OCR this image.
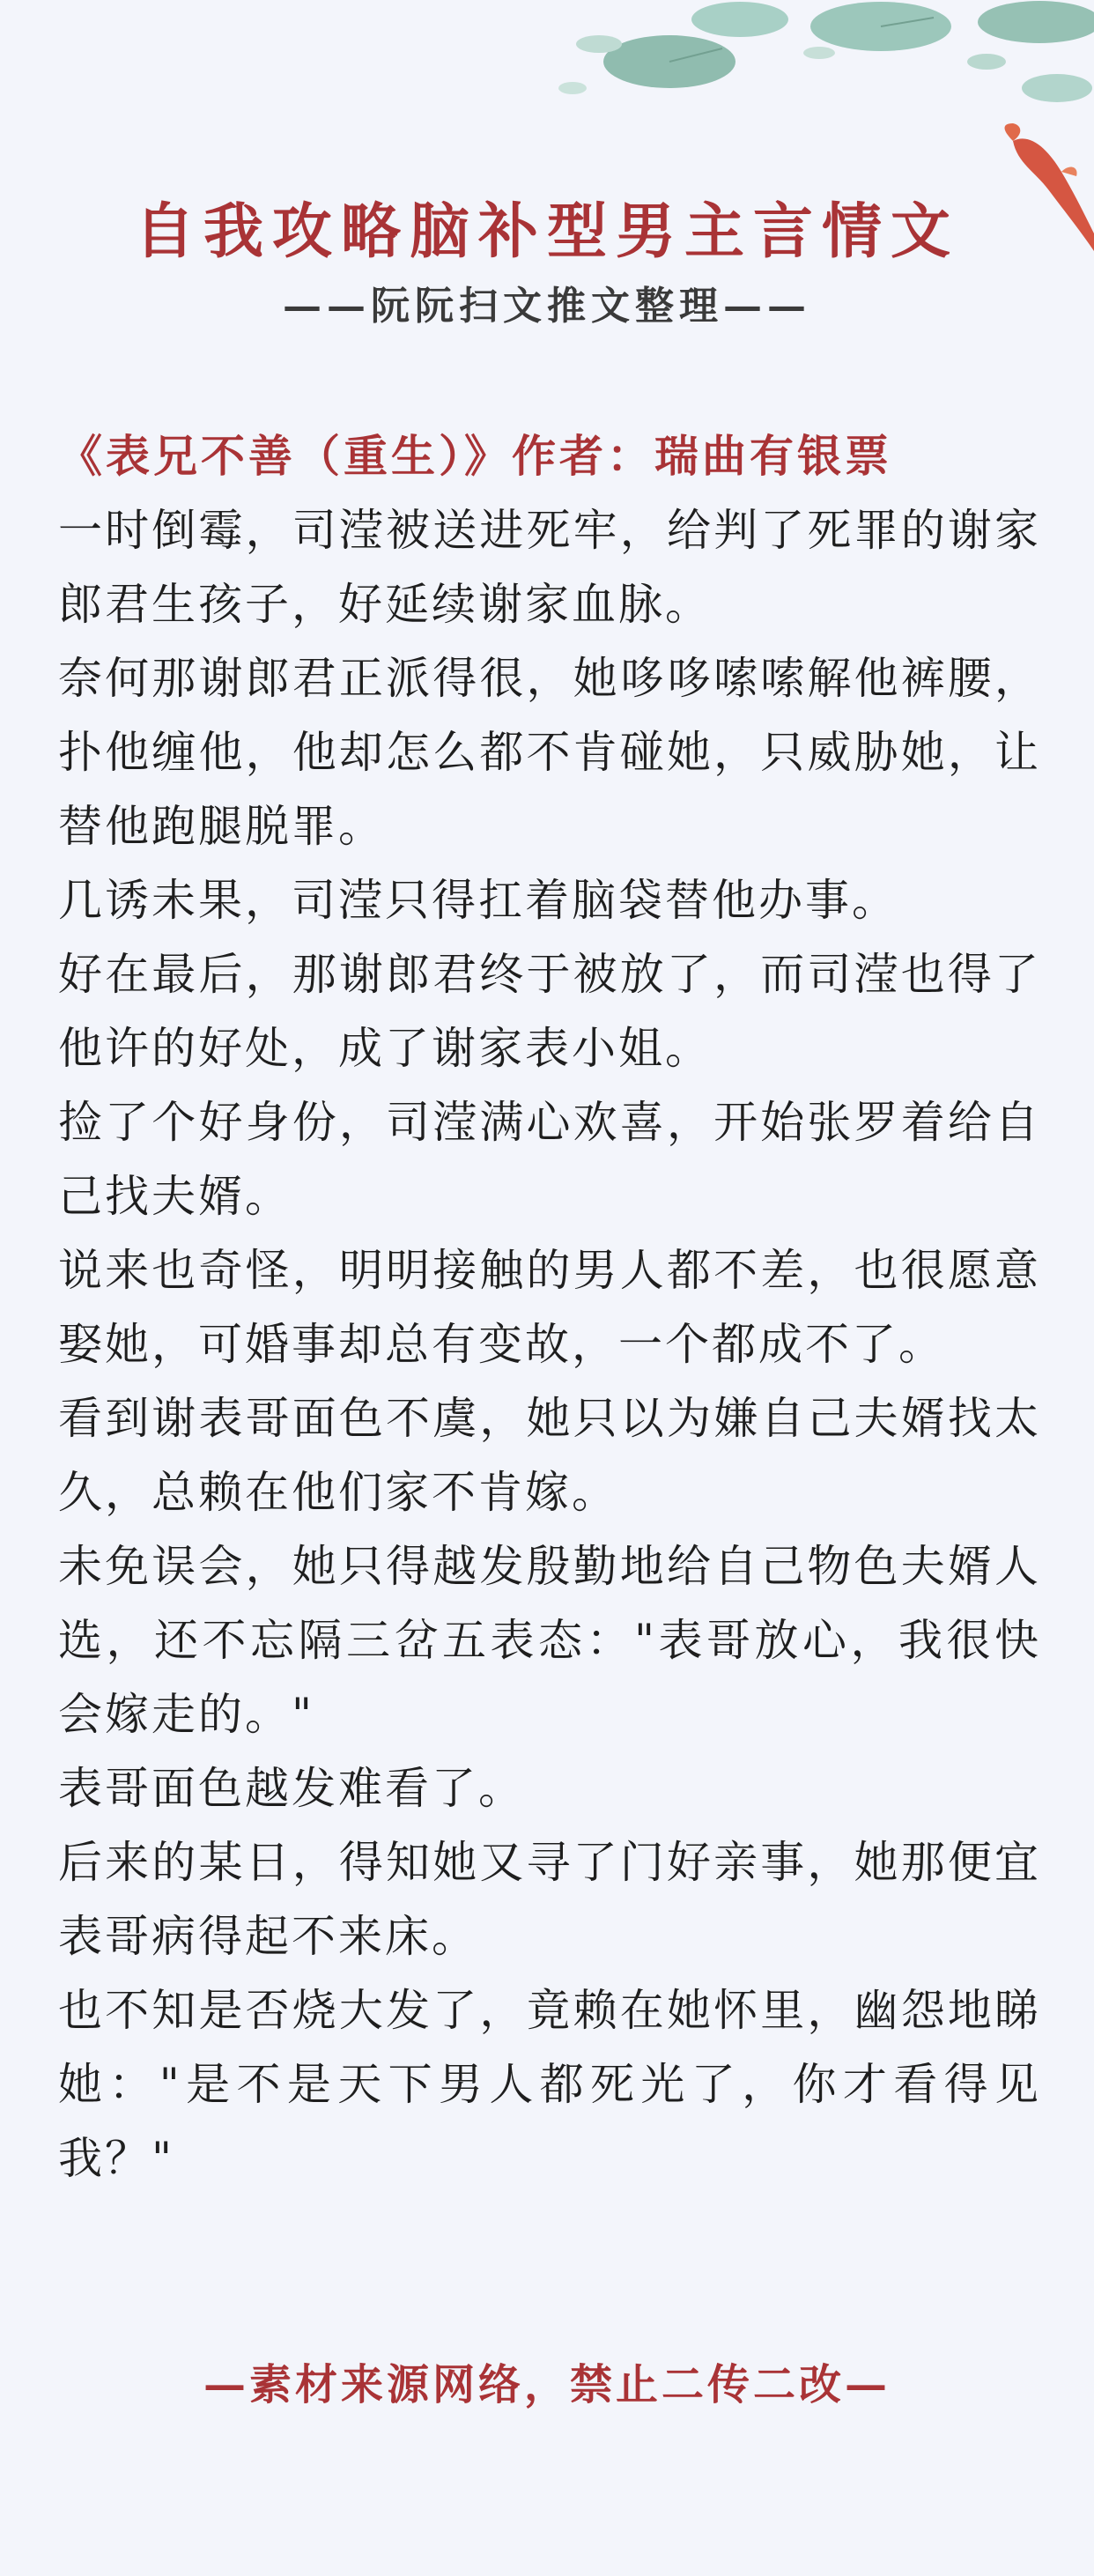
自我攻略脑补型男主言情文
——阮阮扫文推文整理——

《表兄不善（重生）》作者：瑞曲有银票

一时倒霉，司滢被送进死牢，给判了死罪的谢家郎君生孩子，好延续谢家血脉。

奈何那谢郎君正派得很，她哆哆嗦嗦解他裤腰，扑他缠他，他却怎么都不肯碰她，只威胁她，让替他跑腿脱罪。

几诱未果，司滢只得扛着脑袋替他办事。

好在最后，那谢郎君终于被放了，而司滢也得了他许的好处，成了谢家表小姐。

捡了个好身份，司滢满心欢喜，开始张罗着给自己找夫婿。

说来也奇怪，明明接触的男人都不差，也很愿意娶她，可婚事却总有变故，一个都成不了。

看到谢表哥面色不虞，她只以为嫌自己夫婿找太久，总赖在他们家不肯嫁。

未免误会，她只得越发殷勤地给自己物色夫婿人选，还不忘隔三岔五表态："表哥放心，我很快会嫁走的。"

表哥面色越发难看了。

后来的某日，得知她又寻了门好亲事，她那便宜表哥病得起不来床。

也不知是否烧大发了，竟赖在她怀里，幽怨地睇她："是不是天下男人都死光了，你才看得见我？"

—素材来源网络，禁止二传二改—
